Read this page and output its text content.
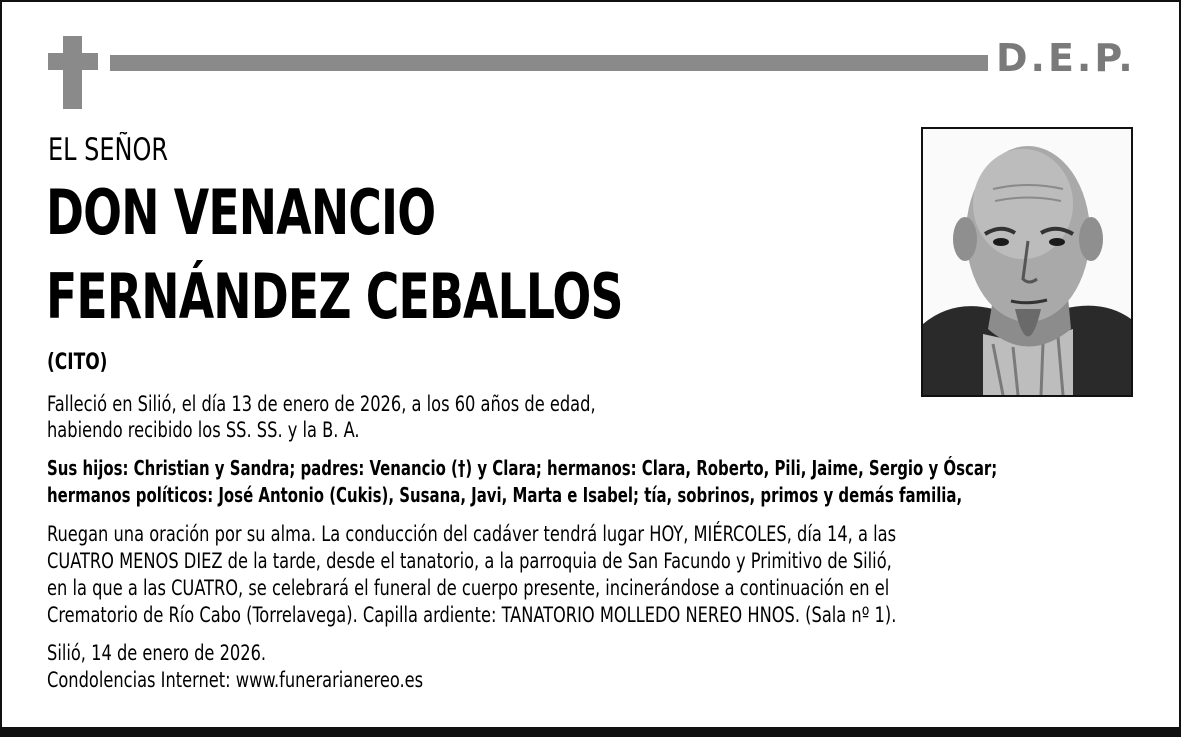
D.E.P.
EL SEÑOR
DON VENANCIO
FERNÁNDEZ CEBALLOS
(CITO)
Falleció en Silió, el día 13 de enero de 2026, a los 60 años de edad,
habiendo recibido los SS. SS. y la B. A.
Sus hijos: Christian y Sandra; padres: Venancio (†) y Clara; hermanos: Clara, Roberto, Pili, Jaime, Sergio y Óscar;
hermanos políticos: José Antonio (Cukis), Susana, Javi, Marta e Isabel; tía, sobrinos, primos y demás familia,
Ruegan una oración por su alma. La conducción del cadáver tendrá lugar HOY, MIÉRCOLES, día 14, a las
CUATRO MENOS DIEZ de la tarde, desde el tanatorio, a la parroquia de San Facundo y Primitivo de Silió,
en la que a las CUATRO, se celebrará el funeral de cuerpo presente, incinerándose a continuación en el
Crematorio de Río Cabo (Torrelavega). Capilla ardiente: TANATORIO MOLLEDO NEREO HNOS. (Sala nº 1).
Silió, 14 de enero de 2026.
Condolencias Internet: www.funerarianereo.es
